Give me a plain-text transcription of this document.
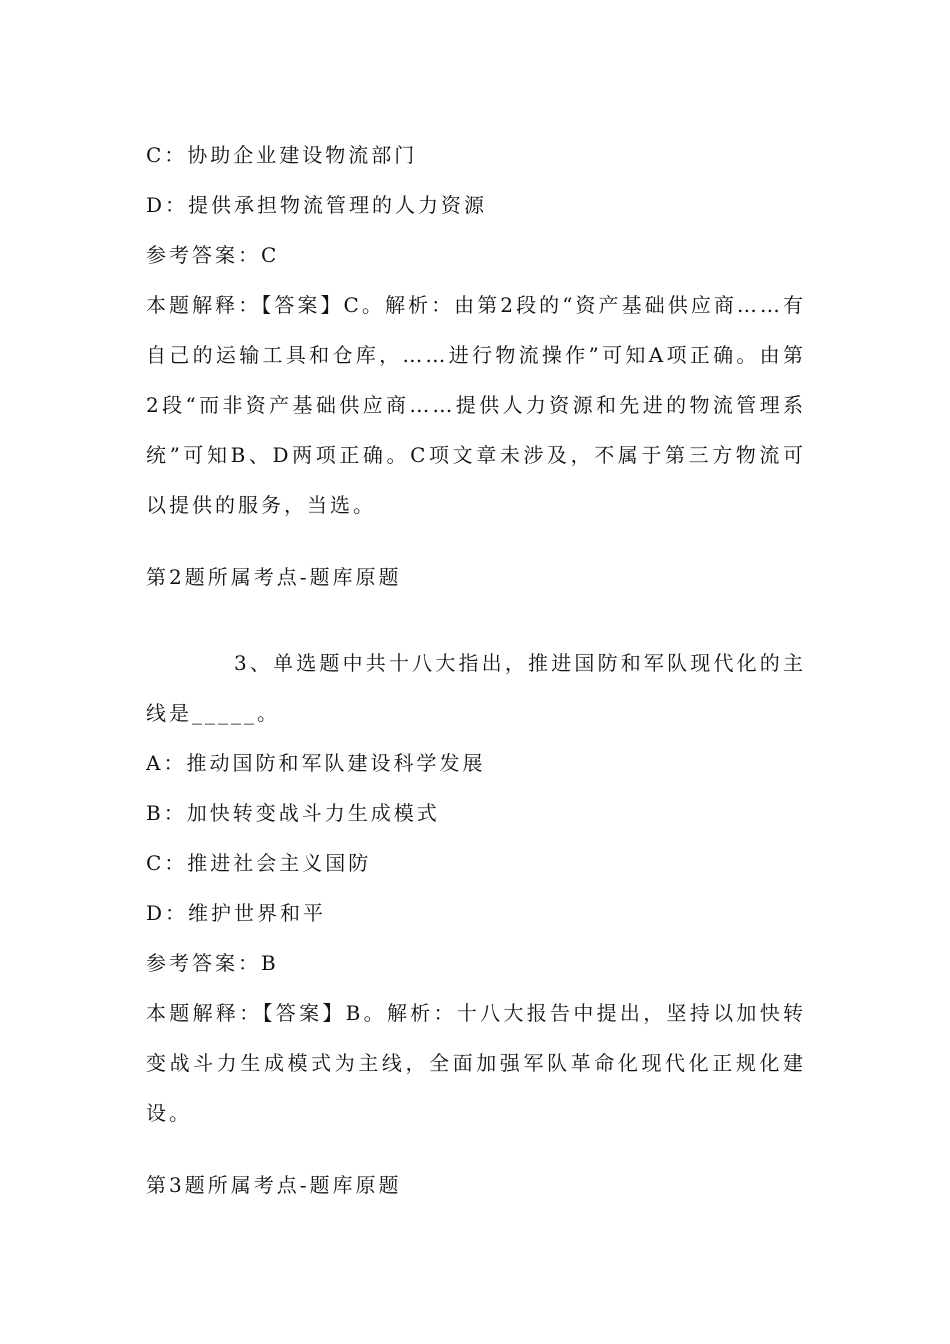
C：协助企业建设物流部门

D：提供承担物流管理的人力资源

参考答案：C

本题解释：【答案】C。解析：由第2段的“资产基础供应商……有自己的运输工具和仓库，……进行物流操作”可知A项正确。由第2段“而非资产基础供应商……提供人力资源和先进的物流管理系统”可知B、D两项正确。C项文章未涉及，不属于第三方物流可以提供的服务，当选。

第2题所属考点-题库原题

3、单选题中共十八大指出，推进国防和军队现代化的主线是_____。

A：推动国防和军队建设科学发展

B：加快转变战斗力生成模式

C：推进社会主义国防

D：维护世界和平

参考答案：B

本题解释：【答案】B。解析：十八大报告中提出，坚持以加快转变战斗力生成模式为主线，全面加强军队革命化现代化正规化建设。

第3题所属考点-题库原题
